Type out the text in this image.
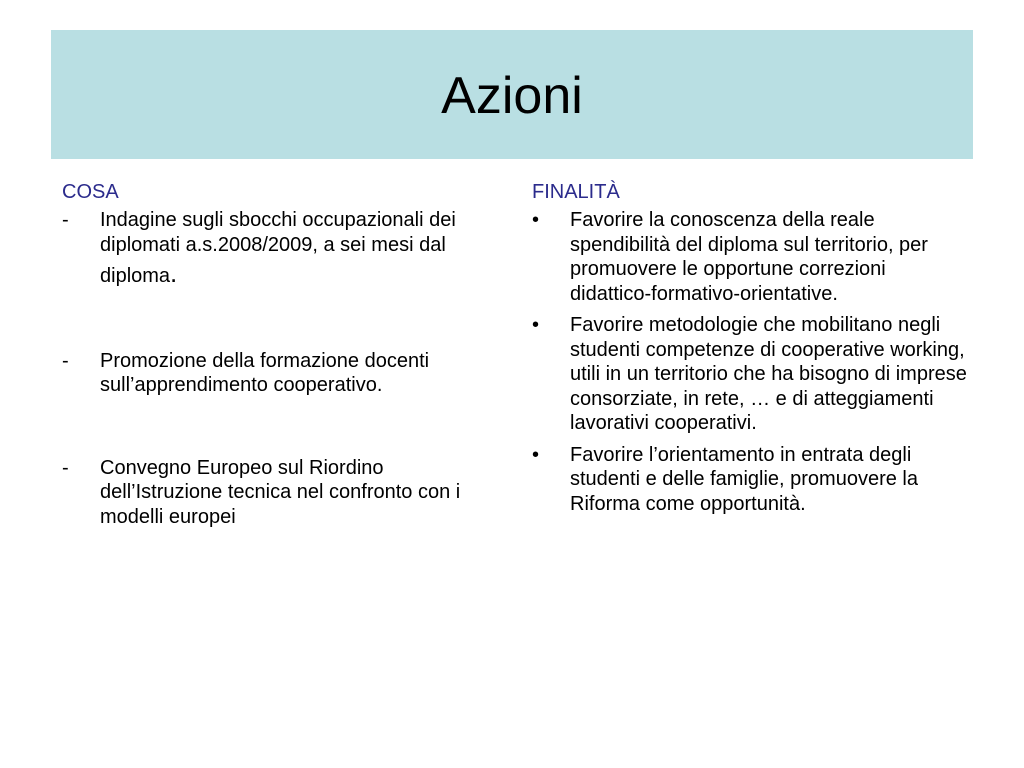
Azioni
COSA
- Indagine sugli sbocchi occupazionali dei diplomati a.s.2008/2009, a sei mesi dal
diploma.
- Promozione della formazione docenti sull’apprendimento cooperativo.
- Convegno Europeo sul Riordino dell’Istruzione tecnica nel confronto con i modelli europei
FINALITÀ
• Favorire la conoscenza della reale spendibilità del diploma sul territorio, per promuovere le opportune correzioni didattico-formativo-orientative.
• Favorire metodologie che mobilitano negli studenti competenze di cooperative working, utili in un territorio che ha bisogno di imprese consorziate, in rete, … e di atteggiamenti lavorativi cooperativi.
• Favorire l’orientamento in entrata degli studenti e delle famiglie, promuovere la Riforma come opportunità.
